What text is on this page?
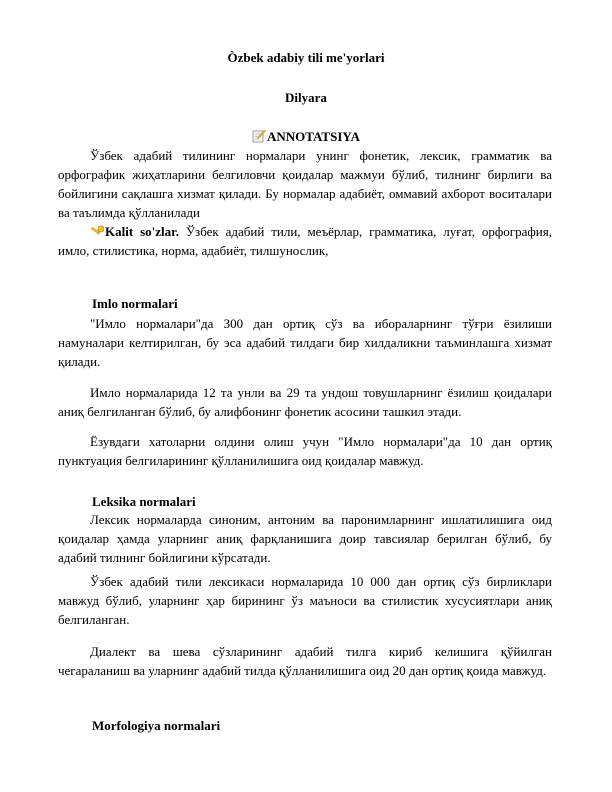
Òzbek adabiy tili me'yorlari
Dilyara
ANNOTATSIYA

Ўзбек адабий тилининг нормалари унинг фонетик, лексик, грамматик ва орфографик жиҳатларини белгиловчи қоидалар мажмуи бўлиб, тилнинг бирлиги ва бойлигини сақлашга хизмат қилади. Бу нормалар адабиёт, оммавий ахборот воситалари ва таълимда қўлланилади

Kalit so'zlar. Ўзбек адабий тили, меъёрлар, грамматика, луғат, орфография, имло, стилистика, норма, адабиёт, тилшунослик,

Imlo normalari

"Имло нормалари"да 300 дан ортиқ сўз ва ибораларнинг тўғри ёзилиши намуналари келтирилган, бу эса адабий тилдаги бир хилдаликни таъминлашга хизмат қилади.

Имло нормаларида 12 та унли ва 29 та ундош товушларнинг ёзилиш қоидалари аниқ белгиланган бўлиб, бу алифбонинг фонетик асосини ташкил этади.

Ёзувдаги хатоларни олдини олиш учун "Имло нормалари"да 10 дан ортиқ пунктуация белгиларининг қўлланилишига оид қоидалар мавжуд.

Leksika normalari

Лексик нормаларда синоним, антоним ва паронимларнинг ишлатилишига оид қоидалар ҳамда уларнинг аниқ фарқланишига доир тавсиялар берилган бўлиб, бу адабий тилнинг бойлигини кўрсатади.

Ўзбек адабий тили лексикаси нормаларида 10 000 дан ортиқ сўз бирликлари мавжуд бўлиб, уларнинг ҳар бирининг ўз маъноси ва стилистик хусусиятлари аниқ белгиланган.

Диалект ва шева сўзларининг адабий тилга кириб келишига қўйилган чегараланиш ва уларнинг адабий тилда қўлланилишига оид 20 дан ортиқ қоида мавжуд.

Morfologiya normalari
